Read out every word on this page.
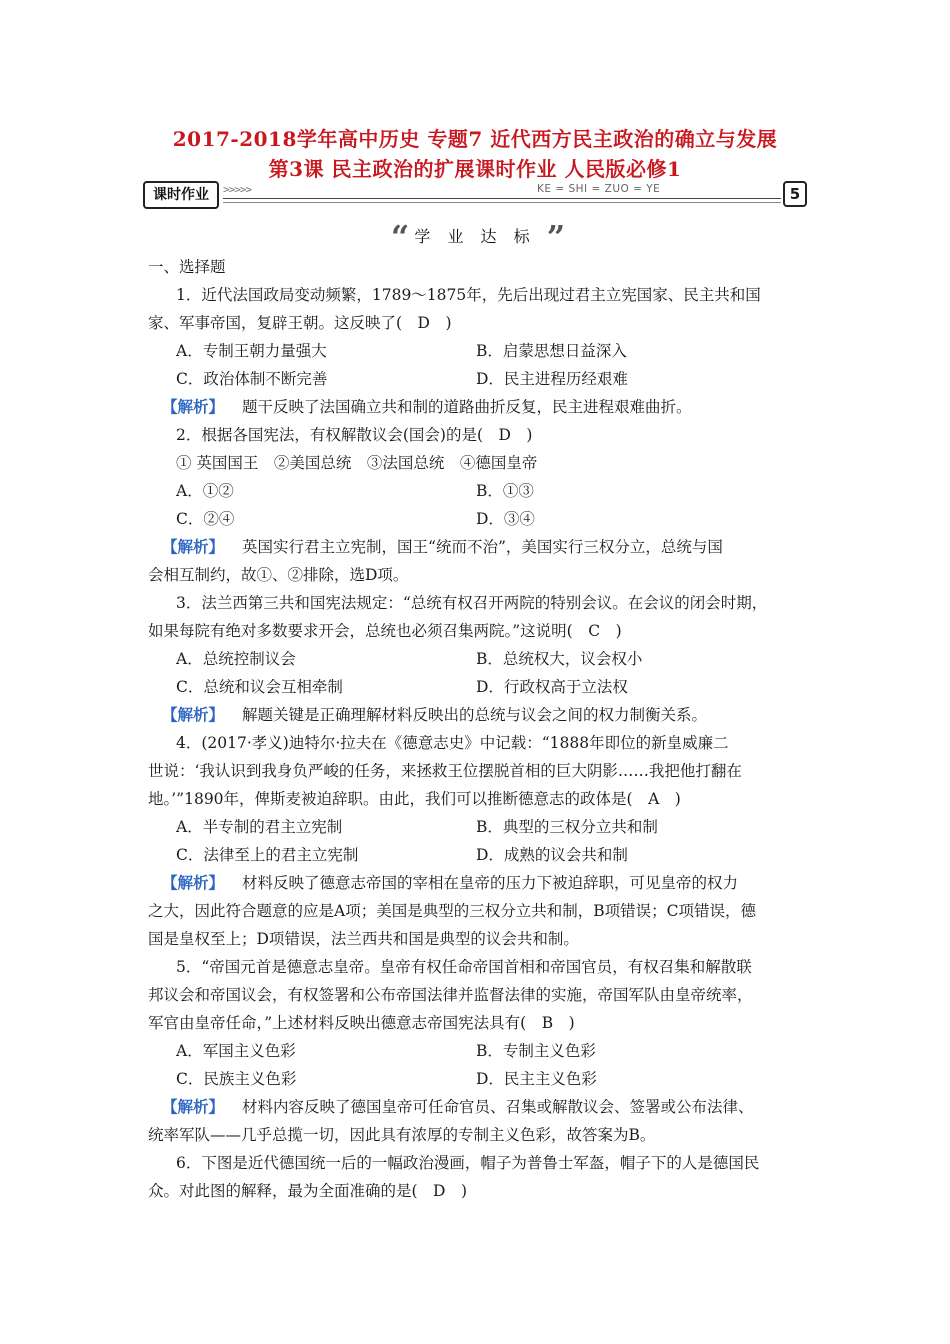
2017-2018学年高中历史 专题7 近代西方民主政治的确立与发展
第3课 民主政治的扩展课时作业 人民版必修1
课时作业	>>>>>	KE = SHI = ZUO = YE	5
“ 学 业 达 标 ”
一、选择题
1．近代法国政局变动频繁，1789～1875年，先后出现过君主立宪国家、民主共和国
家、军事帝国，复辟王朝。这反映了(　D　)
A．专制王朝力量强大	B．启蒙思想日益深入
C．政治体制不断完善	D．民主进程历经艰难
【 解析 】 题干反映了法国确立共和制的道路曲折反复，民主进程艰难曲折。
2．根据各国宪法，有权解散议会(国会)的是(　D　)
① 英国国王　②美国总统　③法国总统　④德国皇帝
A．①②	B．①③
C．②④	D．③④
【 解析 】 英国实行君主立宪制，国王“统而不治”，美国实行三权分立，总统与国
会相互制约，故①、②排除，选D项。
3．法兰西第三共和国宪法规定：“总统有权召开两院的特别会议。在会议的闭会时期，
如果每院有绝对多数要求开会，总统也必须召集两院。”这说明(　C　)
A．总统控制议会	B．总统权大，议会权小
C．总统和议会互相牵制	D．行政权高于立法权
【 解析 】 解题关键是正确理解材料反映出的总统与议会之间的权力制衡关系。
4．(2017·孝义)迪特尔·拉夫在《德意志史》中记载：“1888年即位的新皇威廉二
世说：‘我认识到我身负严峻的任务，来拯救王位摆脱首相的巨大阴影……我把他打翻在
地。’”1890年，俾斯麦被迫辞职。由此，我们可以推断德意志的政体是(　A　)
A．半专制的君主立宪制	B．典型的三权分立共和制
C．法律至上的君主立宪制	D．成熟的议会共和制
【 解析 】 材料反映了德意志帝国的宰相在皇帝的压力下被迫辞职，可见皇帝的权力
之大，因此符合题意的应是A项；美国是典型的三权分立共和制，B项错误；C项错误，德
国是皇权至上；D项错误，法兰西共和国是典型的议会共和制。
5．“帝国元首是德意志皇帝。皇帝有权任命帝国首相和帝国官员，有权召集和解散联
邦议会和帝国议会，有权签署和公布帝国法律并监督法律的实施，帝国军队由皇帝统率，
军官由皇帝任命，”上述材料反映出德意志帝国宪法具有(　B　)
A．军国主义色彩	B．专制主义色彩
C．民族主义色彩	D．民主主义色彩
【 解析 】 材料内容反映了德国皇帝可任命官员、召集或解散议会、签署或公布法律、
统率军队——几乎总揽一切，因此具有浓厚的专制主义色彩，故答案为B。
6．下图是近代德国统一后的一幅政治漫画，帽子为普鲁士军盔，帽子下的人是德国民
众。对此图的解释，最为全面准确的是(　D　)
